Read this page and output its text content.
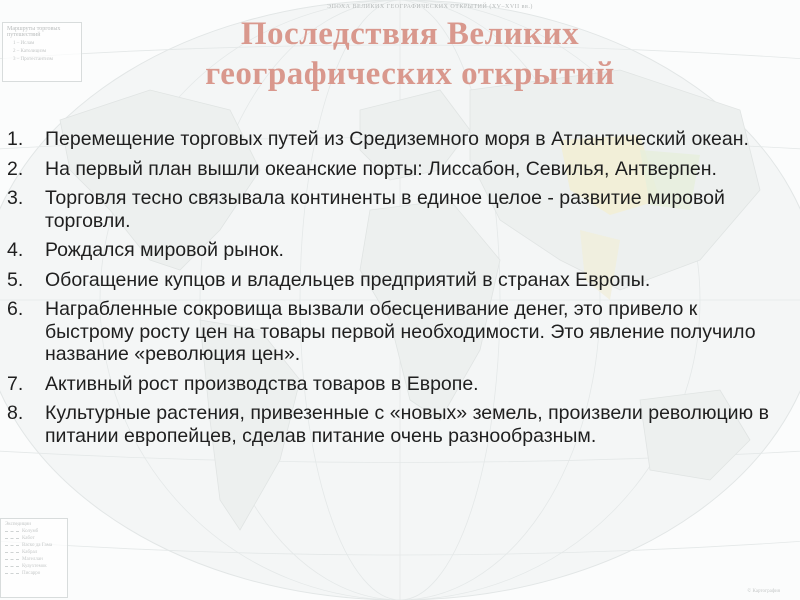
ЭПОХА ВЕЛИКИХ ГЕОГРАФИЧЕСКИХ ОТКРЫТИЙ (XV–XVII вв.)
Маршруты торговых путешествий
1 – Ислам
2 – Католицизм
3 – Протестантизм
Экспедиции
Колумб
Кабот
Васко да Гама
Кабрал
Магеллан
Куаухтемок
Писарро
© Картография
Последствия Великих
географических открытий
1.	Перемещение торговых путей из Средиземного моря в Атлантический океан.
2.	На первый план вышли океанские порты: Лиссабон, Севилья, Антверпен.
3.	Торговля тесно связывала континенты в единое целое - развитие мировой торговли.
4.	Рождался мировой рынок.
5.	Обогащение купцов и владельцев предприятий в странах Европы.
6.	Награбленные сокровища вызвали обесценивание денег, это привело к быстрому росту цен на товары первой необходимости. Это явление получило название «революция цен».
7.	Активный рост производства товаров в Европе.
8.	Культурные растения, привезенные с «новых» земель, произвели революцию в питании европейцев, сделав питание очень разнообразным.
